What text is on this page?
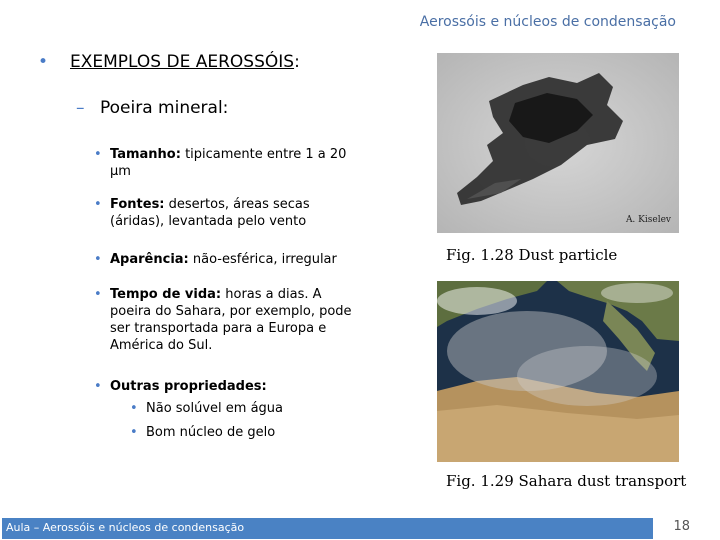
Aerossóis e núcleos de condensação
•	EXEMPLOS DE AEROSSÓIS:
– Poeira mineral:
• Tamanho: tipicamente entre 1 a 20 μm
• Fontes: desertos, áreas secas (áridas), levantada pelo vento
• Aparência: não-esférica, irregular
• Tempo de vida: horas a dias. A poeira do Sahara, por exemplo, pode ser transportada para a Europa e América do Sul.
• Outras propriedades:
• Não solúvel em água
• Bom núcleo de gelo
A. Kiselev
Fig. 1.28 Dust particle
Fig. 1.29 Sahara dust transport
Aula – Aerossóis e núcleos de condensação	18
